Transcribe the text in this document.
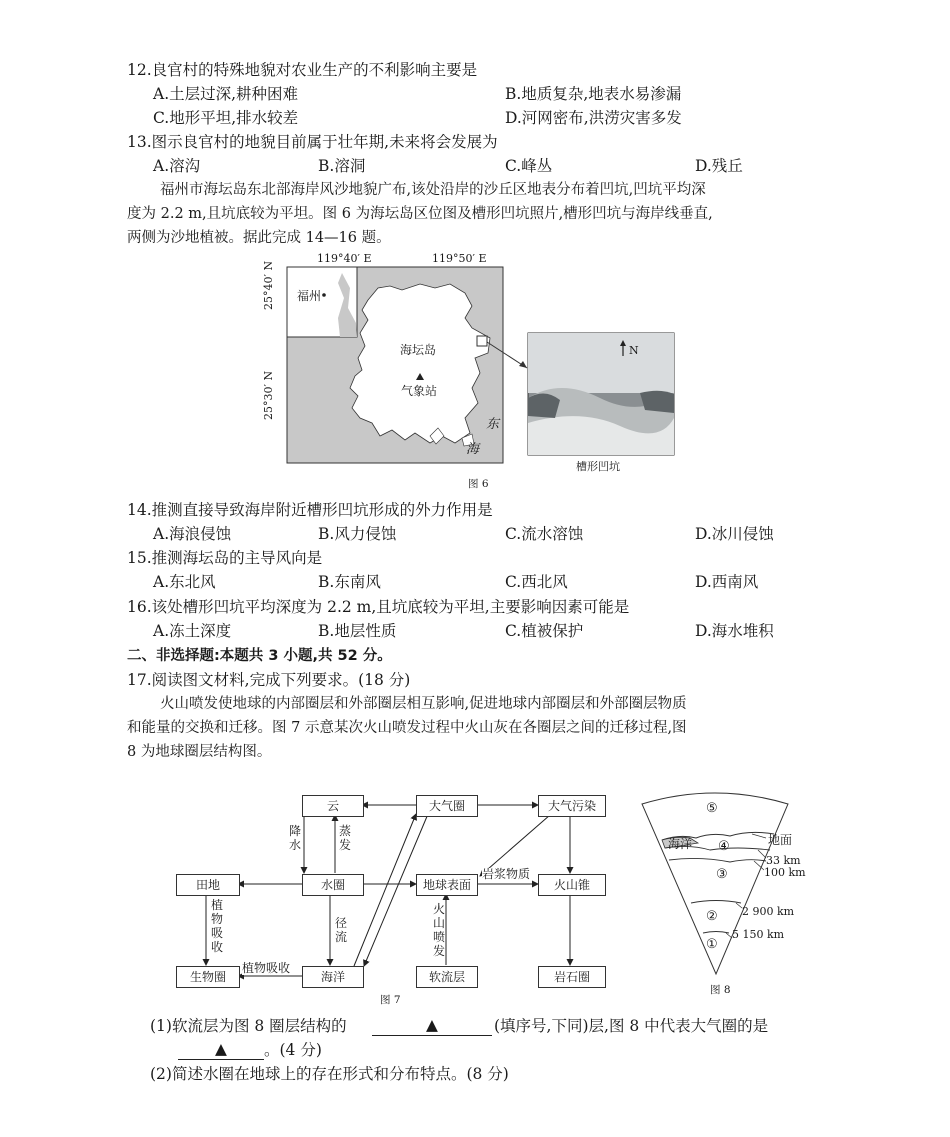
12.良官村的特殊地貌对农业生产的不利影响主要是
A.土层过深,耕种困难	B.地质复杂,地表水易渗漏
C.地形平坦,排水较差	D.河网密布,洪涝灾害多发
13.图示良官村的地貌目前属于壮年期,未来将会发展为
A.溶沟	B.溶洞	C.峰丛	D.残丘
福州市海坛岛东北部海岸风沙地貌广布,该处沿岸的沙丘区地表分布着凹坑,凹坑平均深
度为 2.2 m,且坑底较为平坦。图 6 为海坛岛区位图及槽形凹坑照片,槽形凹坑与海岸线垂直,
两侧为沙地植被。据此完成 14—16 题。
119°40′ E	119°50′ E
25°40′ N
25°30′ N
福州
海坛岛
气象站
东
海
N
槽形凹坑
图 6
14.推测直接导致海岸附近槽形凹坑形成的外力作用是
A.海浪侵蚀	B.风力侵蚀	C.流水溶蚀	D.冰川侵蚀
15.推测海坛岛的主导风向是
A.东北风	B.东南风	C.西北风	D.西南风
16.该处槽形凹坑平均深度为 2.2 m,且坑底较为平坦,主要影响因素可能是
A.冻土深度	B.地层性质	C.植被保护	D.海水堆积
二、非选择题:本题共 3 小题,共 52 分。
17.阅读图文材料,完成下列要求。(18 分)
火山喷发使地球的内部圈层和外部圈层相互影响,促进地球内部圈层和外部圈层物质
和能量的交换和迁移。图 7 示意某次火山喷发过程中火山灰在各圈层之间的迁移过程,图
8 为地球圈层结构图。
云	大气圈	大气污染
田地	水圈	地球表面	火山锥
生物圈	海洋	软流层	岩石圈
降水
蒸发
植物吸收
径流
火山喷发
植物吸收
岩浆物质
图 7
⑤
④
③
②
①
地面
海洋
33 km
100 km
2 900 km
5 150 km
图 8
(1)软流层为图 8 圈层结构的	▲	(填序号,下同)层,图 8 中代表大气圈的是
▲	。(4 分)
(2)简述水圈在地球上的存在形式和分布特点。(8 分)
